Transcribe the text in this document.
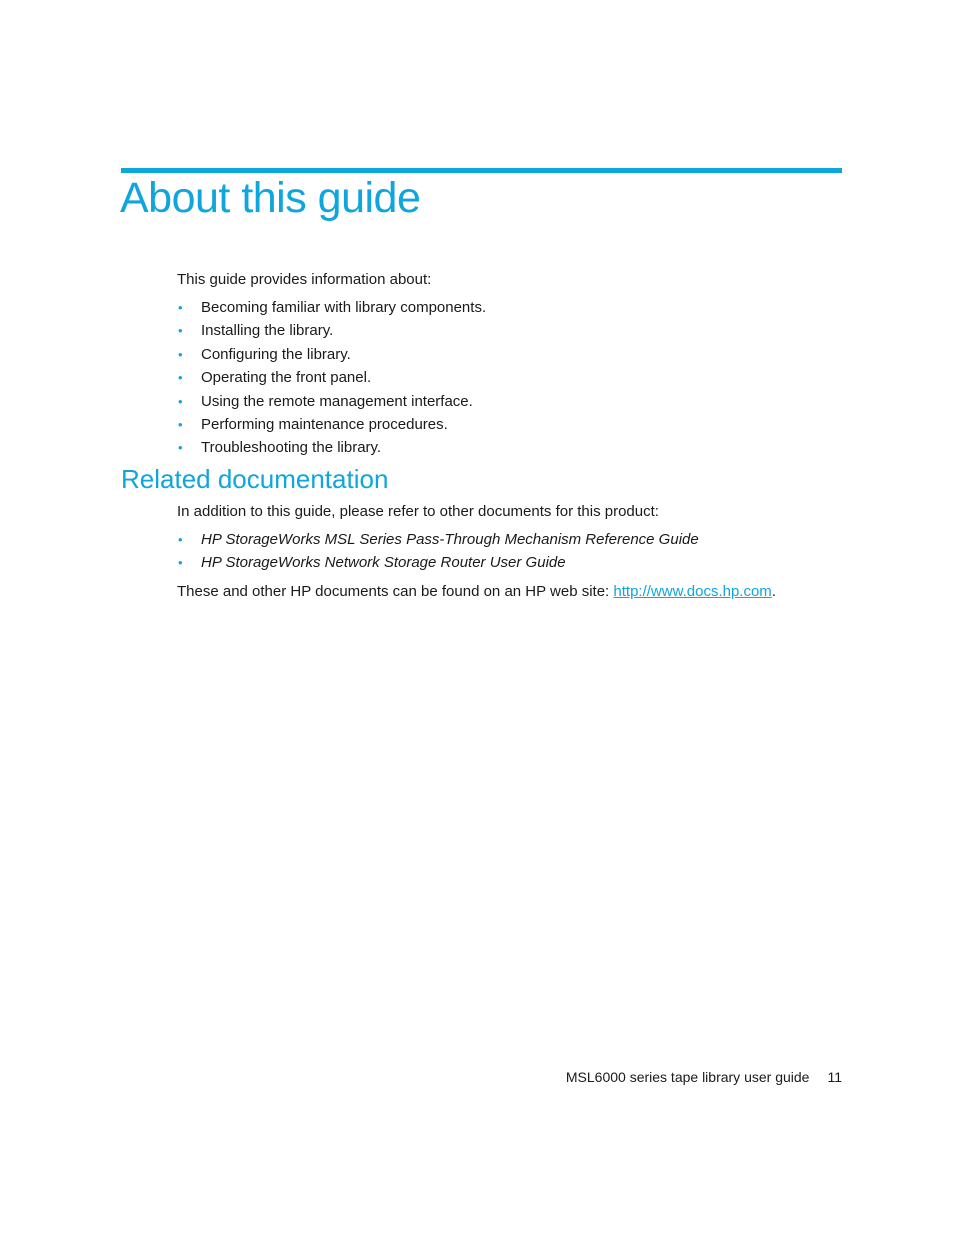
About this guide

This guide provides information about:

• Becoming familiar with library components.
• Installing the library.
• Configuring the library.
• Operating the front panel.
• Using the remote management interface.
• Performing maintenance procedures.
• Troubleshooting the library.
Related documentation

In addition to this guide, please refer to other documents for this product:

• HP StorageWorks MSL Series Pass-Through Mechanism Reference Guide
• HP StorageWorks Network Storage Router User Guide

These and other HP documents can be found on an HP web site: http://www.docs.hp.com.

MSL6000 series tape library user guide 11
